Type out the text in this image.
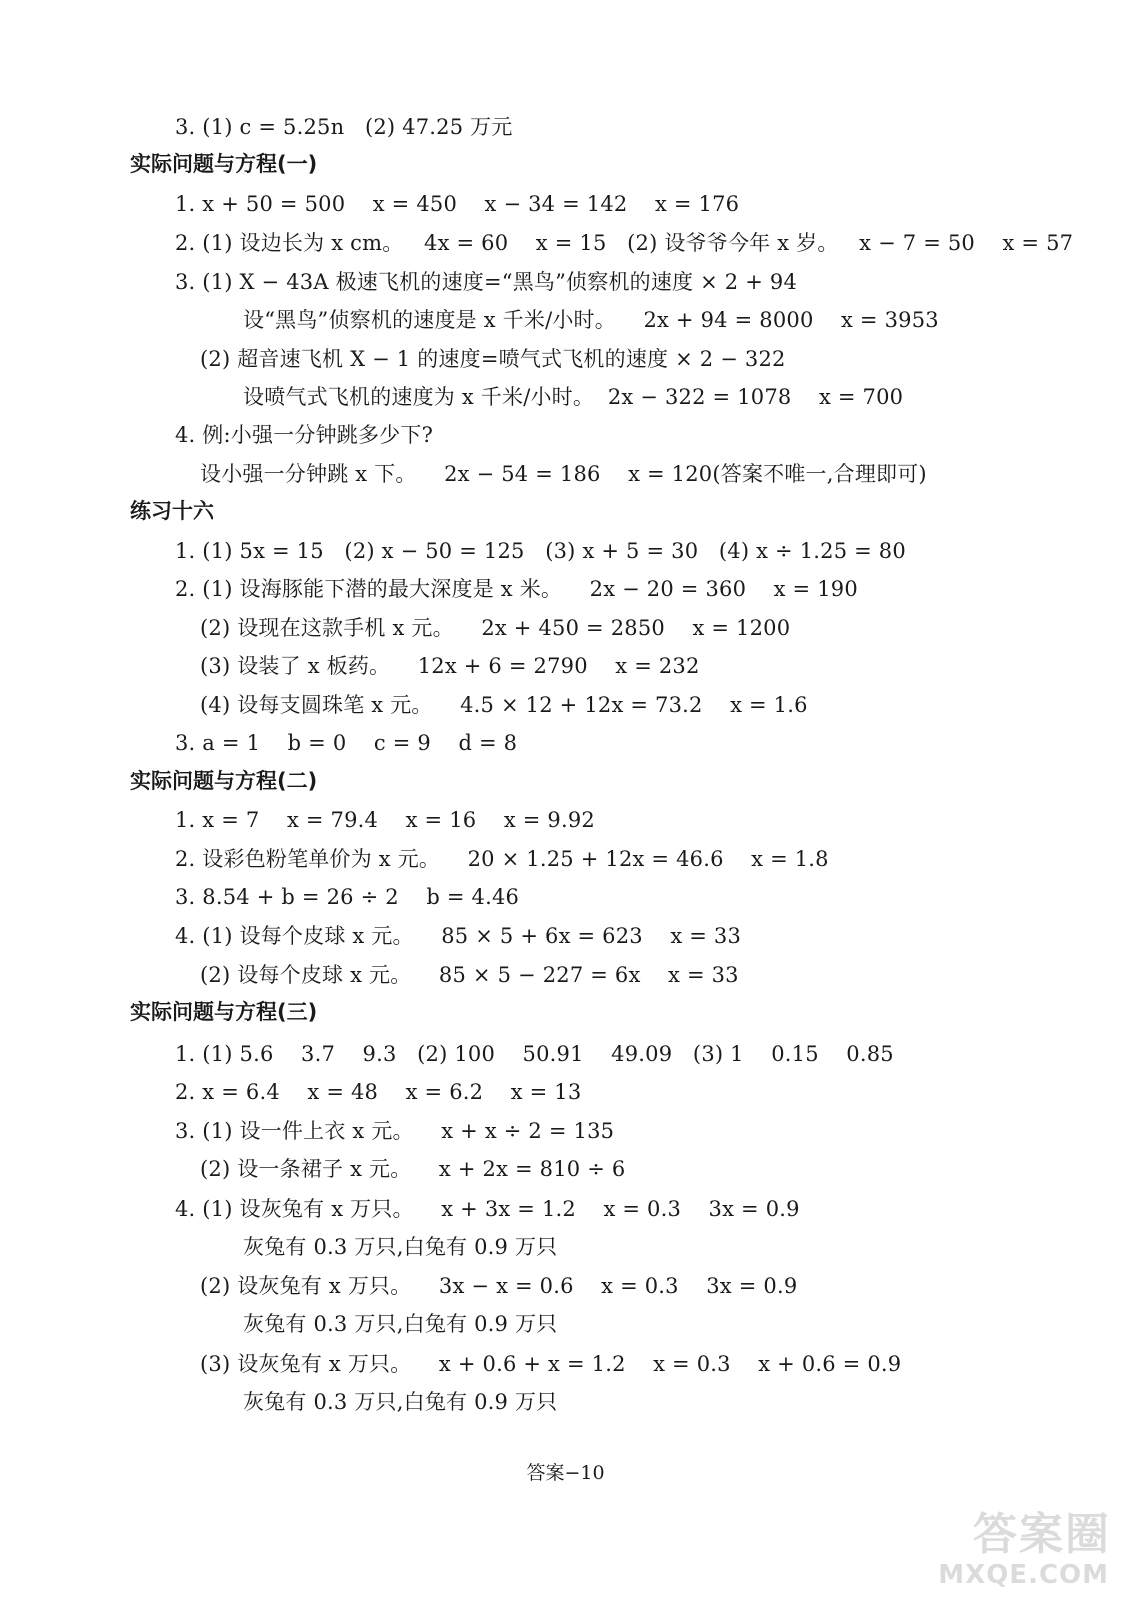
3. (1) c = 5.25n   (2) 47.25 万元
实际问题与方程(一)
1. x + 50 = 500    x = 450    x − 34 = 142    x = 176
2. (1) 设边长为 x cm。   4x = 60    x = 15   (2) 设爷爷今年 x 岁。   x − 7 = 50    x = 57
3. (1) X − 43A 极速飞机的速度=“黑鸟”侦察机的速度 × 2 + 94
设“黑鸟”侦察机的速度是 x 千米/小时。    2x + 94 = 8000    x = 3953
(2) 超音速飞机 X − 1 的速度=喷气式飞机的速度 × 2 − 322
设喷气式飞机的速度为 x 千米/小时。  2x − 322 = 1078    x = 700
4. 例:小强一分钟跳多少下?
设小强一分钟跳 x 下。    2x − 54 = 186    x = 120(答案不唯一,合理即可)
练习十六
1. (1) 5x = 15   (2) x − 50 = 125   (3) x + 5 = 30   (4) x ÷ 1.25 = 80
2. (1) 设海豚能下潜的最大深度是 x 米。    2x − 20 = 360    x = 190
(2) 设现在这款手机 x 元。    2x + 450 = 2850    x = 1200
(3) 设装了 x 板药。    12x + 6 = 2790    x = 232
(4) 设每支圆珠笔 x 元。    4.5 × 12 + 12x = 73.2    x = 1.6
3. a = 1    b = 0    c = 9    d = 8
实际问题与方程(二)
1. x = 7    x = 79.4    x = 16    x = 9.92
2. 设彩色粉笔单价为 x 元。    20 × 1.25 + 12x = 46.6    x = 1.8
3. 8.54 + b = 26 ÷ 2    b = 4.46
4. (1) 设每个皮球 x 元。    85 × 5 + 6x = 623    x = 33
(2) 设每个皮球 x 元。    85 × 5 − 227 = 6x    x = 33
实际问题与方程(三)
1. (1) 5.6    3.7    9.3   (2) 100    50.91    49.09   (3) 1    0.15    0.85
2. x = 6.4    x = 48    x = 6.2    x = 13
3. (1) 设一件上衣 x 元。    x + x ÷ 2 = 135
(2) 设一条裙子 x 元。    x + 2x = 810 ÷ 6
4. (1) 设灰兔有 x 万只。    x + 3x = 1.2    x = 0.3    3x = 0.9
灰兔有 0.3 万只,白兔有 0.9 万只
(2) 设灰兔有 x 万只。    3x − x = 0.6    x = 0.3    3x = 0.9
灰兔有 0.3 万只,白兔有 0.9 万只
(3) 设灰兔有 x 万只。    x + 0.6 + x = 1.2    x = 0.3    x + 0.6 = 0.9
灰兔有 0.3 万只,白兔有 0.9 万只
答案−10
答案圈
MXQE.COM
